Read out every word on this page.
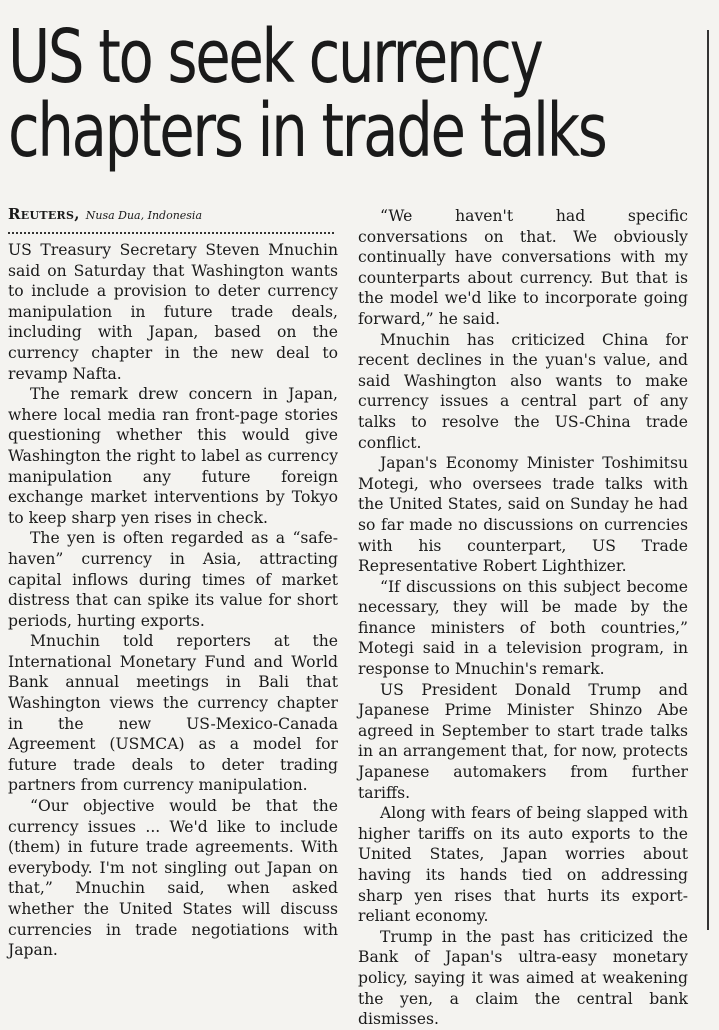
US to seek currency
chapters in trade talks
Reuters, Nusa Dua, Indonesia

US Treasury Secretary Steven Mnuchin said on Saturday that Washington wants to include a provision to deter currency manipulation in future trade deals, including with Japan, based on the currency chapter in the new deal to revamp Nafta.

The remark drew concern in Japan, where local media ran front-page stories questioning whether this would give Washington the right to label as currency manipulation any future foreign exchange market interventions by Tokyo to keep sharp yen rises in check.

The yen is often regarded as a “safe-haven” currency in Asia, attracting capital inflows during times of market distress that can spike its value for short periods, hurting exports.

Mnuchin told reporters at the International Monetary Fund and World Bank annual meetings in Bali that Washington views the currency chapter in the new US-Mexico-Canada Agreement (USMCA) as a model for future trade deals to deter trading partners from currency manipulation.

“Our objective would be that the currency issues ... We'd like to include (them) in future trade agreements. With everybody. I'm not singling out Japan on that,” Mnuchin said, when asked whether the United States will discuss currencies in trade negotiations with Japan.

“We haven't had specific conversations on that. We obviously continually have conversations with my counterparts about currency. But that is the model we'd like to incorporate going forward,” he said.

Mnuchin has criticized China for recent declines in the yuan's value, and said Washington also wants to make currency issues a central part of any talks to resolve the US-China trade conflict.

Japan's Economy Minister Toshimitsu Motegi, who oversees trade talks with the United States, said on Sunday he had so far made no discussions on currencies with his counterpart, US Trade Representative Robert Lighthizer.

“If discussions on this subject become necessary, they will be made by the finance ministers of both countries,” Motegi said in a television program, in response to Mnuchin's remark.

US President Donald Trump and Japanese Prime Minister Shinzo Abe agreed in September to start trade talks in an arrangement that, for now, protects Japanese automakers from further tariffs.

Along with fears of being slapped with higher tariffs on its auto exports to the United States, Japan worries about having its hands tied on addressing sharp yen rises that hurts its export-reliant economy.

Trump in the past has criticized the Bank of Japan's ultra-easy monetary policy, saying it was aimed at weakening the yen, a claim the central bank dismisses.
